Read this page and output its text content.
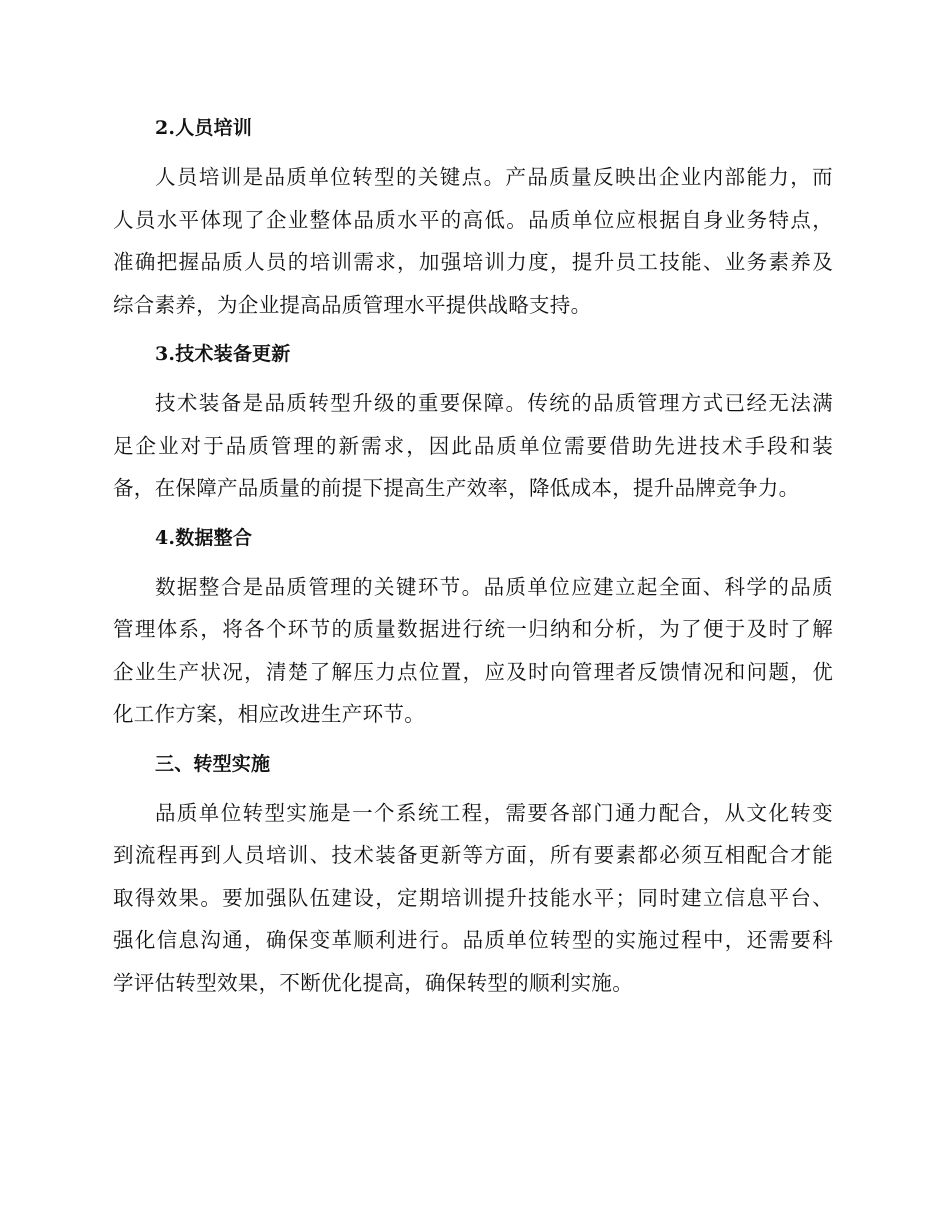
2.人员培训

人员培训是品质单位转型的关键点。产品质量反映出企业内部能力，而
人员水平体现了企业整体品质水平的高低。品质单位应根据自身业务特点，
准确把握品质人员的培训需求，加强培训力度，提升员工技能、业务素养及
综合素养，为企业提高品质管理水平提供战略支持。

3.技术装备更新

技术装备是品质转型升级的重要保障。传统的品质管理方式已经无法满
足企业对于品质管理的新需求，因此品质单位需要借助先进技术手段和装
备，在保障产品质量的前提下提高生产效率，降低成本，提升品牌竞争力。

4.数据整合

数据整合是品质管理的关键环节。品质单位应建立起全面、科学的品质
管理体系，将各个环节的质量数据进行统一归纳和分析，为了便于及时了解
企业生产状况，清楚了解压力点位置，应及时向管理者反馈情况和问题，优
化工作方案，相应改进生产环节。

三、转型实施

品质单位转型实施是一个系统工程，需要各部门通力配合，从文化转变
到流程再到人员培训、技术装备更新等方面，所有要素都必须互相配合才能
取得效果。要加强队伍建设，定期培训提升技能水平；同时建立信息平台、
强化信息沟通，确保变革顺利进行。品质单位转型的实施过程中，还需要科
学评估转型效果，不断优化提高，确保转型的顺利实施。
